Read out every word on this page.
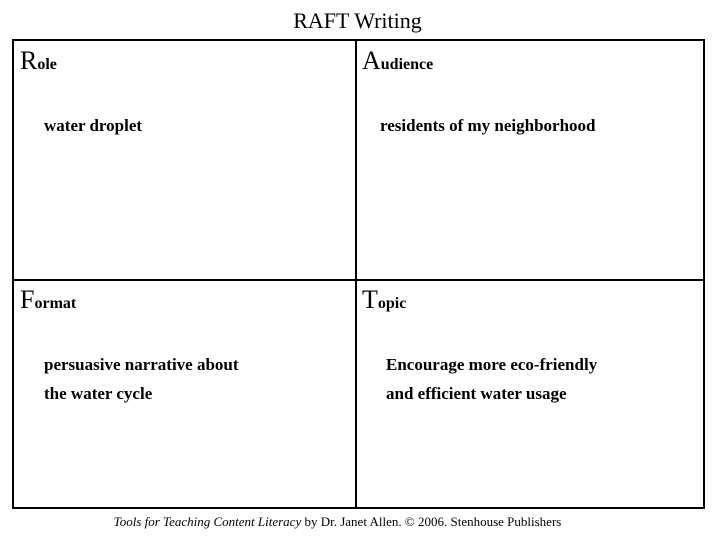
RAFT Writing
Role
water droplet
Audience
residents of my neighborhood
Format
persuasive narrative about
the water cycle
Topic
Encourage more eco-friendly
and efficient water usage
Tools for Teaching Content Literacy by Dr. Janet Allen. © 2006. Stenhouse Publishers
